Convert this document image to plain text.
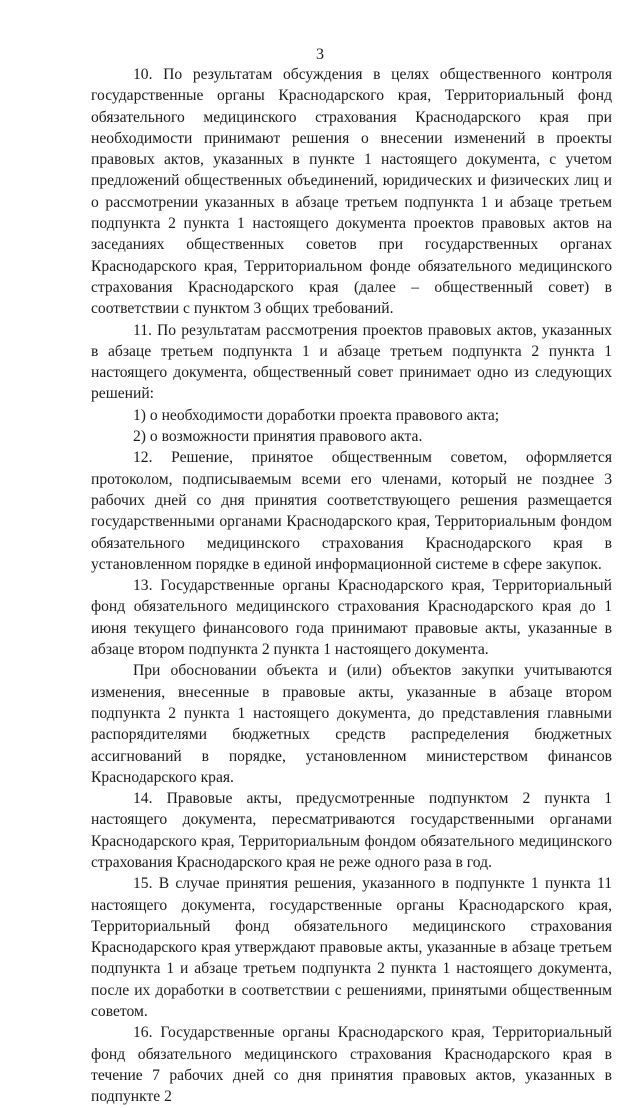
3

10. По результатам обсуждения в целях общественного контроля государственные органы Краснодарского края, Территориальный фонд обязательного медицинского страхования Краснодарского края при необходимости принимают решения о внесении изменений в проекты правовых актов, указанных в пункте 1 настоящего документа, с учетом предложений общественных объединений, юридических и физических лиц и о рассмотрении указанных в абзаце третьем подпункта 1 и абзаце третьем подпункта 2 пункта 1 настоящего документа проектов правовых актов на заседаниях общественных советов при государственных органах Краснодарского края, Территориальном фонде обязательного медицинского страхования Краснодарского края (далее – общественный совет) в соответствии с пунктом 3 общих требований.

11. По результатам рассмотрения проектов правовых актов, указанных в абзаце третьем подпункта 1 и абзаце третьем подпункта 2 пункта 1 настоящего документа, общественный совет принимает одно из следующих решений:

1) о необходимости доработки проекта правового акта;

2) о возможности принятия правового акта.

12. Решение, принятое общественным советом, оформляется протоколом, подписываемым всеми его членами, который не позднее 3 рабочих дней со дня принятия соответствующего решения размещается государственными органами Краснодарского края, Территориальным фондом обязательного медицинского страхования Краснодарского края в установленном порядке в единой информационной системе в сфере закупок.

13. Государственные органы Краснодарского края, Территориальный фонд обязательного медицинского страхования Краснодарского края до 1 июня текущего финансового года принимают правовые акты, указанные в абзаце втором подпункта 2 пункта 1 настоящего документа.

При обосновании объекта и (или) объектов закупки учитываются изменения, внесенные в правовые акты, указанные в абзаце втором подпункта 2 пункта 1 настоящего документа, до представления главными распорядителями бюджетных средств распределения бюджетных ассигнований в порядке, установленном министерством финансов Краснодарского края.

14. Правовые акты, предусмотренные подпунктом 2 пункта 1 настоящего документа, пересматриваются государственными органами Краснодарского края, Территориальным фондом обязательного медицинского страхования Краснодарского края не реже одного раза в год.

15. В случае принятия решения, указанного в подпункте 1 пункта 11 настоящего документа, государственные органы Краснодарского края, Территориальный фонд обязательного медицинского страхования Краснодарского края утверждают правовые акты, указанные в абзаце третьем подпункта 1 и абзаце третьем подпункта 2 пункта 1 настоящего документа, после их доработки в соответствии с решениями, принятыми общественным советом.

16. Государственные органы Краснодарского края, Территориальный фонд обязательного медицинского страхования Краснодарского края в течение 7 рабочих дней со дня принятия правовых актов, указанных в подпункте 2
